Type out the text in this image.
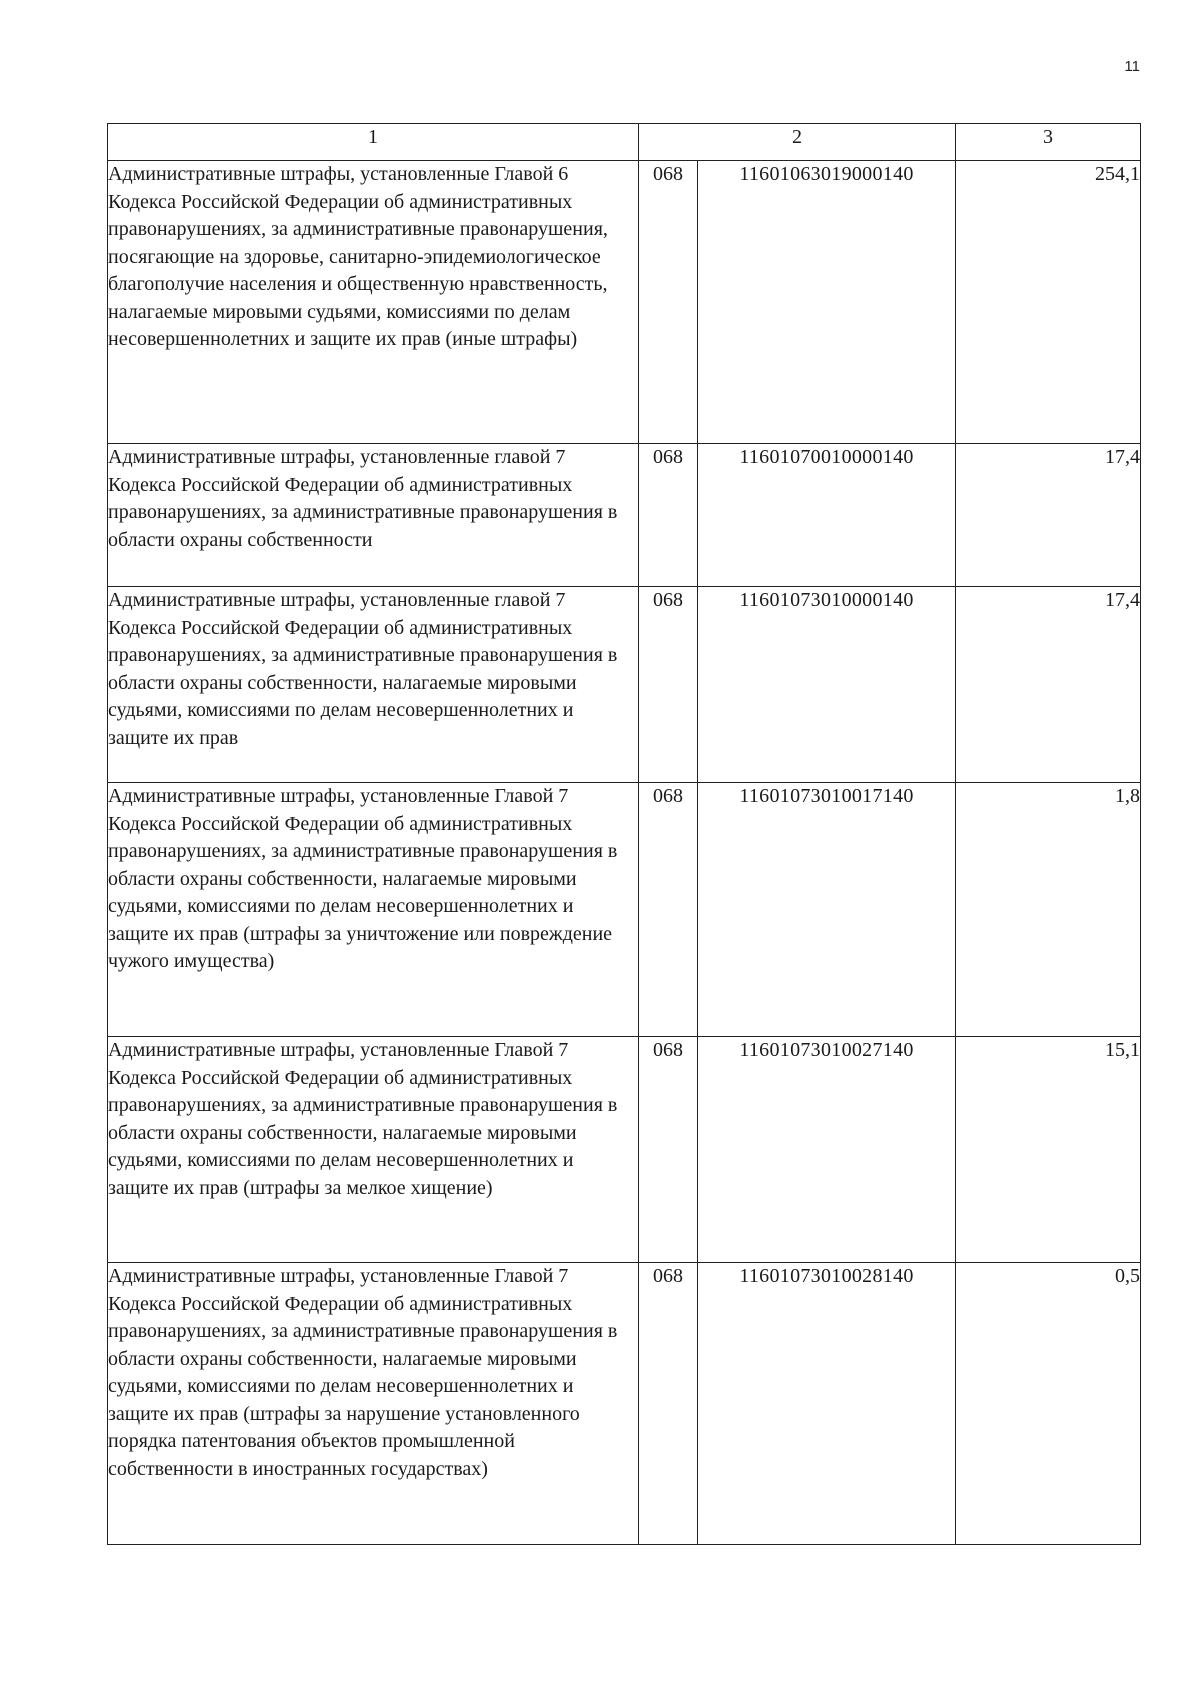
11
1	2		3
Административные штрафы, установленные Главой 6 Кодекса Российской Федерации об административных правонарушениях, за административные правонарушения, посягающие на здоровье, санитарно-эпидемиологическое благополучие населения и общественную нравственность, налагаемые мировыми судьями, комиссиями по делам несовершеннолетних и защите их прав (иные штрафы)	068	11601063019000140	254,1
Административные штрафы, установленные главой 7 Кодекса Российской Федерации об административных правонарушениях, за административные правонарушения в области охраны собственности	068	11601070010000140	17,4
Административные штрафы, установленные главой 7 Кодекса Российской Федерации об административных правонарушениях, за административные правонарушения в области охраны собственности, налагаемые мировыми судьями, комиссиями по делам несовершеннолетних и защите их прав	068	11601073010000140	17,4
Административные штрафы, установленные Главой 7 Кодекса Российской Федерации об административных правонарушениях, за административные правонарушения в области охраны собственности, налагаемые мировыми судьями, комиссиями по делам несовершеннолетних и защите их прав (штрафы за уничтожение или повреждение чужого имущества)	068	11601073010017140	1,8
Административные штрафы, установленные Главой 7 Кодекса Российской Федерации об административных правонарушениях, за административные правонарушения в области охраны собственности, налагаемые мировыми судьями, комиссиями по делам несовершеннолетних и защите их прав (штрафы за мелкое хищение)	068	11601073010027140	15,1
Административные штрафы, установленные Главой 7 Кодекса Российской Федерации об административных правонарушениях, за административные правонарушения в области охраны собственности, налагаемые мировыми судьями, комиссиями по делам несовершеннолетних и защите их прав (штрафы за нарушение установленного порядка патентования объектов промышленной собственности в иностранных государствах)	068	11601073010028140	0,5
